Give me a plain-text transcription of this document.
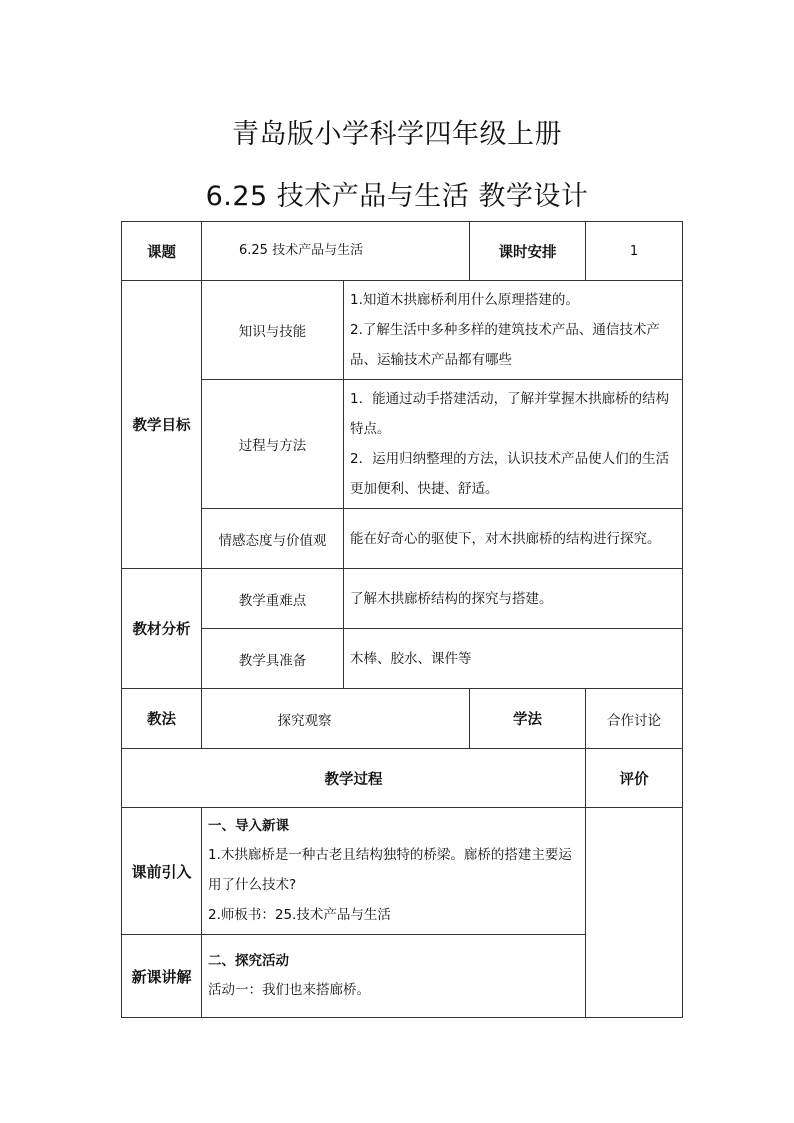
青岛版小学科学四年级上册
6.25 技术产品与生活 教学设计
课题	6.25 技术产品与生活		课时安排	1
教学目标	知识与技能	1.知道木拱廊桥利用什么原理搭建的。
2.了解生活中多种多样的建筑技术产品、通信技术产品、运输技术产品都有哪些		

	过程与方法	1．能通过动手搭建活动，了解并掌握木拱廊桥的结构特点。
2．运用归纳整理的方法，认识技术产品使人们的生活更加便利、快捷、舒适。		

	情感态度与价值观	能在好奇心的驱使下，对木拱廊桥的结构进行探究。		
教材分析	教学重难点	了解木拱廊桥结构的探究与搭建。		
	教学具准备	木棒、胶水、课件等		
教法	探究观察		学法	合作讨论
教学过程				评价
课前引入	一、导入新课
1.木拱廊桥是一种古老且结构独特的桥梁。廊桥的搭建主要运用了什么技术?
2.师板书：25.技术产品与生活			

新课讲解	二、探究活动
活动一：我们也来搭廊桥。			
